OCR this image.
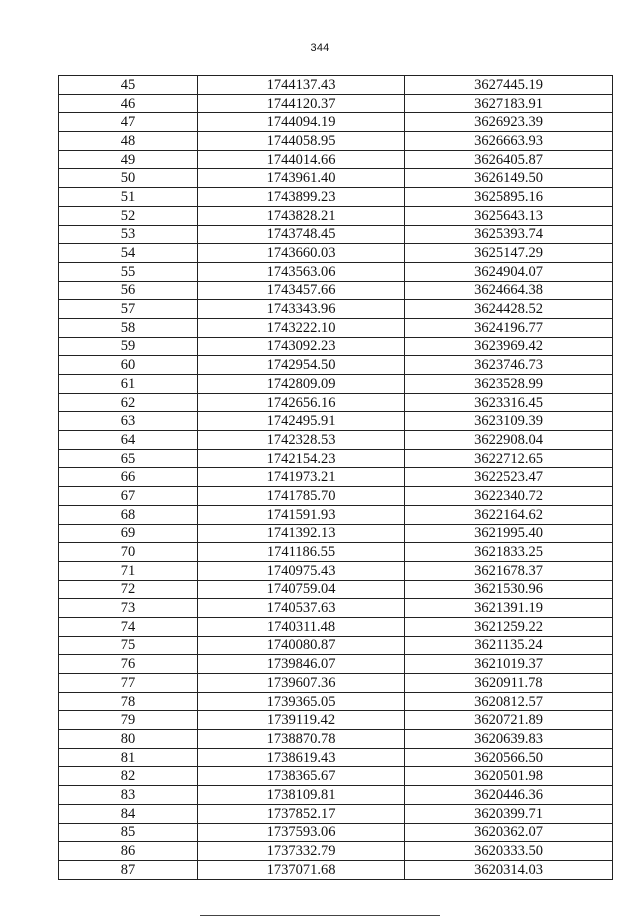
344
45	1744137.43	3627445.19
46	1744120.37	3627183.91
47	1744094.19	3626923.39
48	1744058.95	3626663.93
49	1744014.66	3626405.87
50	1743961.40	3626149.50
51	1743899.23	3625895.16
52	1743828.21	3625643.13
53	1743748.45	3625393.74
54	1743660.03	3625147.29
55	1743563.06	3624904.07
56	1743457.66	3624664.38
57	1743343.96	3624428.52
58	1743222.10	3624196.77
59	1743092.23	3623969.42
60	1742954.50	3623746.73
61	1742809.09	3623528.99
62	1742656.16	3623316.45
63	1742495.91	3623109.39
64	1742328.53	3622908.04
65	1742154.23	3622712.65
66	1741973.21	3622523.47
67	1741785.70	3622340.72
68	1741591.93	3622164.62
69	1741392.13	3621995.40
70	1741186.55	3621833.25
71	1740975.43	3621678.37
72	1740759.04	3621530.96
73	1740537.63	3621391.19
74	1740311.48	3621259.22
75	1740080.87	3621135.24
76	1739846.07	3621019.37
77	1739607.36	3620911.78
78	1739365.05	3620812.57
79	1739119.42	3620721.89
80	1738870.78	3620639.83
81	1738619.43	3620566.50
82	1738365.67	3620501.98
83	1738109.81	3620446.36
84	1737852.17	3620399.71
85	1737593.06	3620362.07
86	1737332.79	3620333.50
87	1737071.68	3620314.03
